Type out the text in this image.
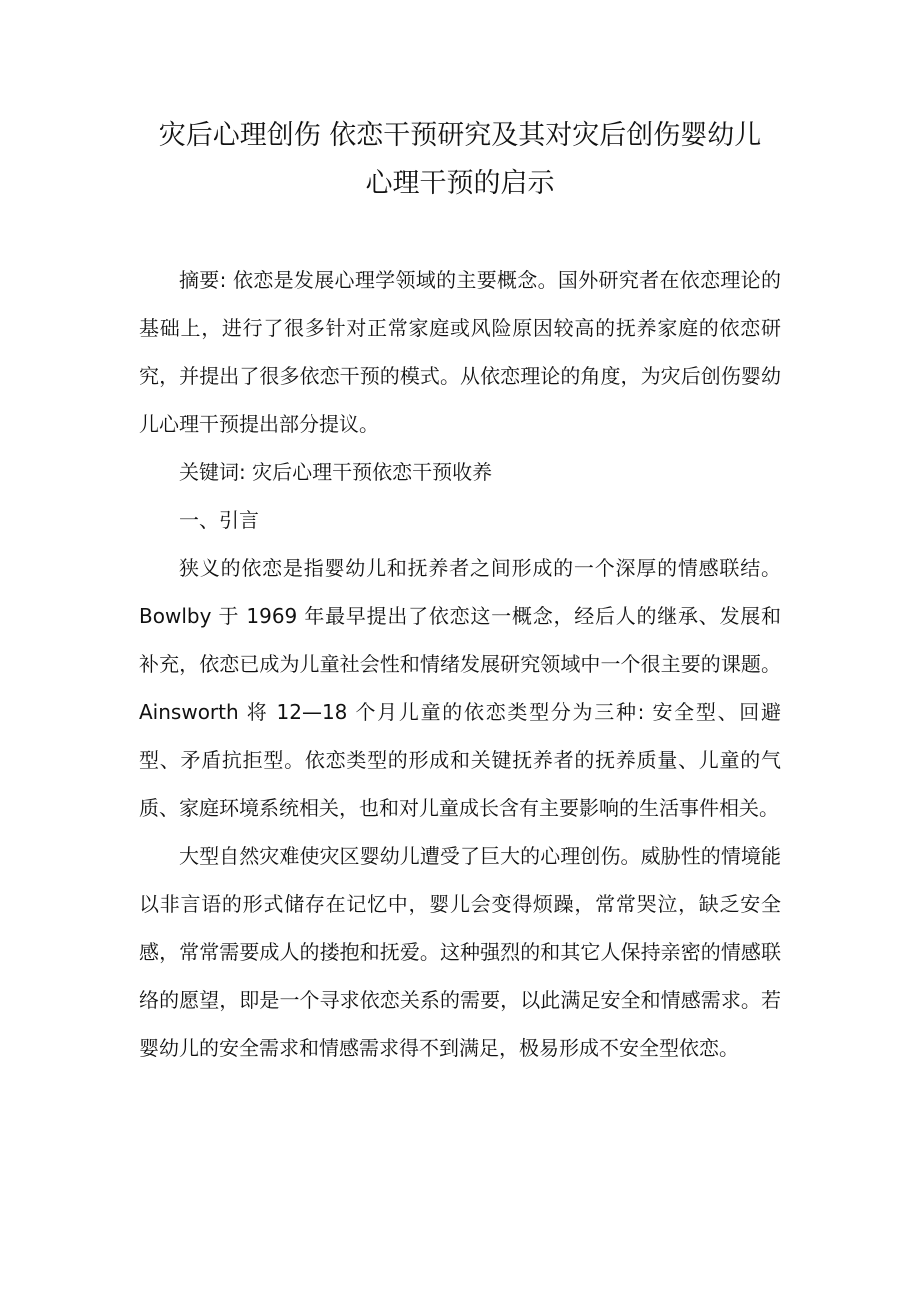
灾后心理创伤 依恋干预研究及其对灾后创伤婴幼儿
心理干预的启示

摘要: 依恋是发展心理学领域的主要概念。国外研究者在依恋理论的基础上，进行了很多针对正常家庭或风险原因较高的抚养家庭的依恋研究，并提出了很多依恋干预的模式。从依恋理论的角度，为灾后创伤婴幼儿心理干预提出部分提议。

关键词: 灾后心理干预依恋干预收养

一、引言

狭义的依恋是指婴幼儿和抚养者之间形成的一个深厚的情感联结。Bowlby 于 1969 年最早提出了依恋这一概念，经后人的继承、发展和补充，依恋已成为儿童社会性和情绪发展研究领域中一个很主要的课题。Ainsworth 将 12—18 个月儿童的依恋类型分为三种: 安全型、回避型、矛盾抗拒型。依恋类型的形成和关键抚养者的抚养质量、儿童的气质、家庭环境系统相关，也和对儿童成长含有主要影响的生活事件相关。

大型自然灾难使灾区婴幼儿遭受了巨大的心理创伤。威胁性的情境能以非言语的形式储存在记忆中，婴儿会变得烦躁，常常哭泣，缺乏安全感，常常需要成人的搂抱和抚爱。这种强烈的和其它人保持亲密的情感联络的愿望，即是一个寻求依恋关系的需要，以此满足安全和情感需求。若婴幼儿的安全需求和情感需求得不到满足，极易形成不安全型依恋。
